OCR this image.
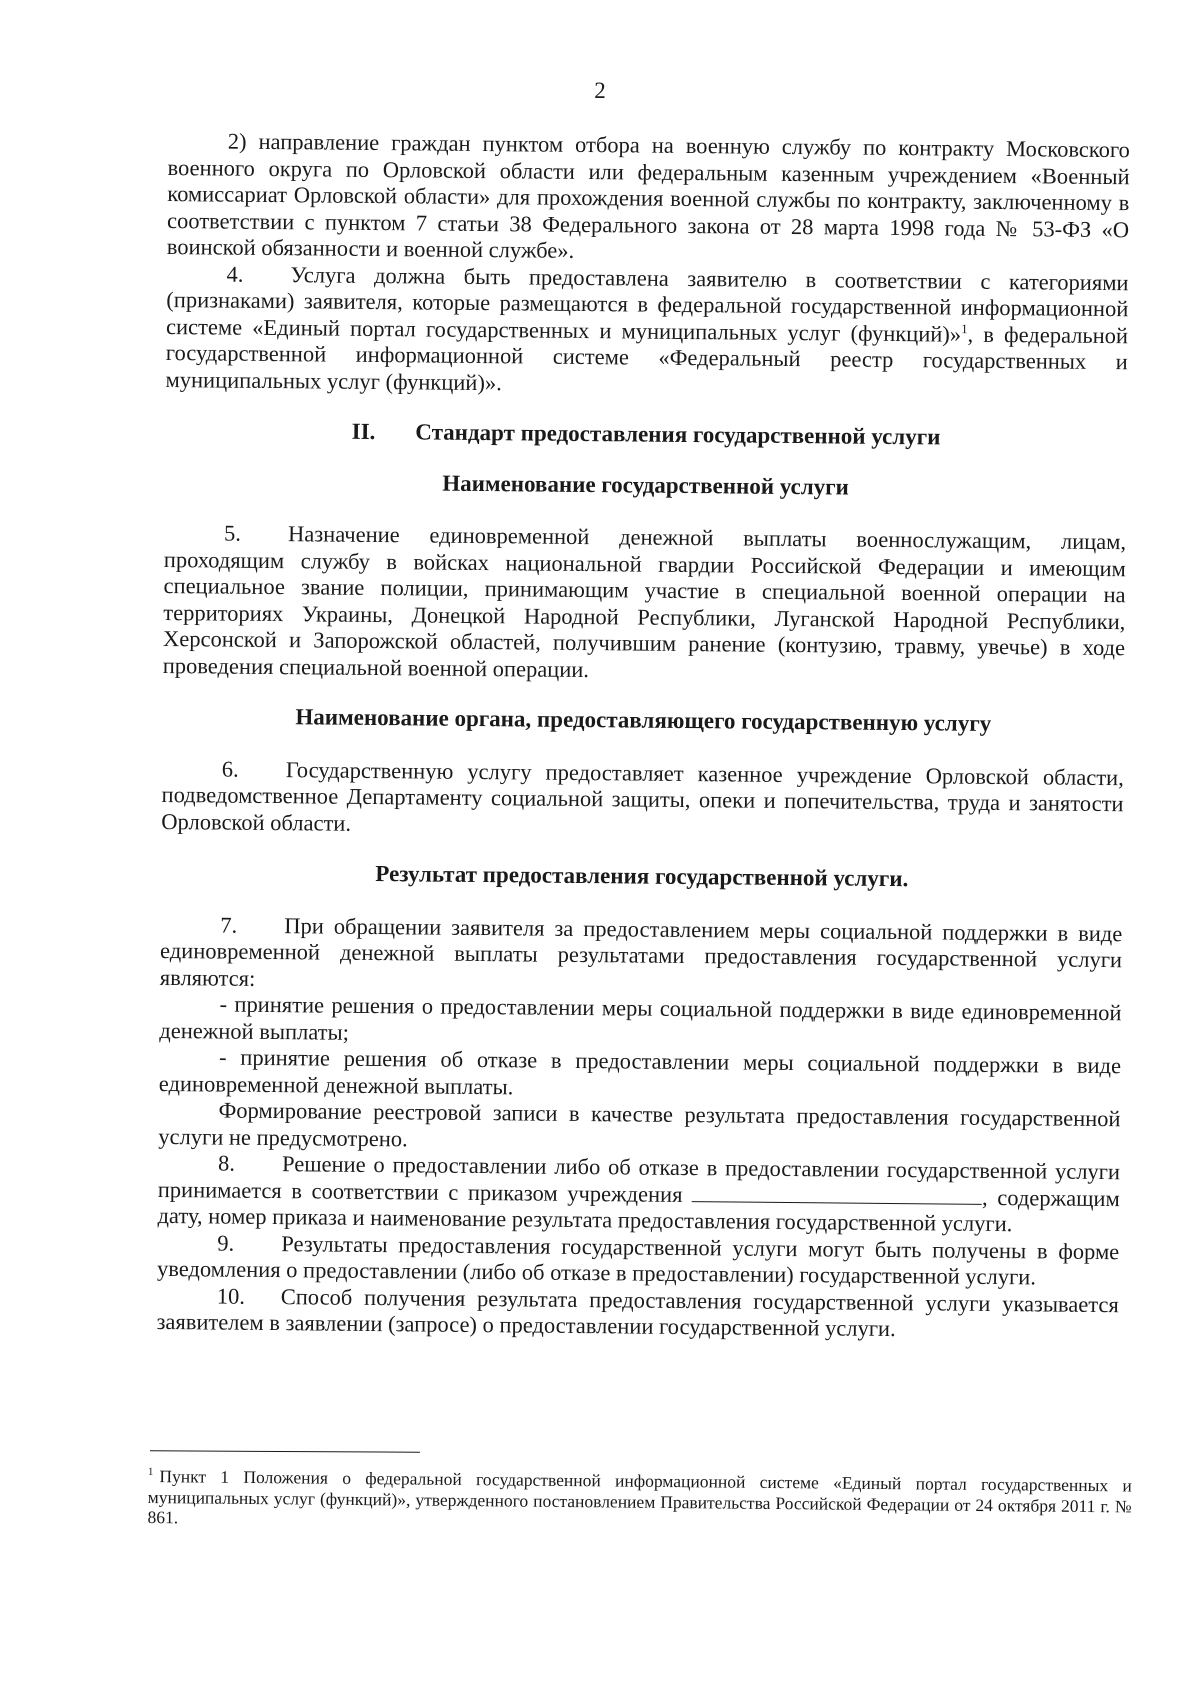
2

2) направление граждан пунктом отбора на военную службу по контракту Московского военного округа по Орловской области или федеральным казенным учреждением «Военный комиссариат Орловской области» для прохождения военной службы по контракту, заключенному в соответствии с пунктом 7 статьи 38 Федерального закона от 28 марта 1998 года № 53-ФЗ «О воинской обязанности и военной службе».

4. Услуга должна быть предоставлена заявителю в соответствии с категориями (признаками) заявителя, которые размещаются в федеральной государственной информационной системе «Единый портал государственных и муниципальных услуг (функций)»$^1$, в федеральной государственной информационной системе «Федеральный реестр государственных и муниципальных услуг (функций)».

II. Стандарт предоставления государственной услуги
Наименование государственной услуги

5. Назначение единовременной денежной выплаты военнослужащим, лицам, проходящим службу в войсках национальной гвардии Российской Федерации и имеющим специальное звание полиции, принимающим участие в специальной военной операции на территориях Украины, Донецкой Народной Республики, Луганской Народной Республики, Херсонской и Запорожской областей, получившим ранение (контузию, травму, увечье) в ходе проведения специальной военной операции.

Наименование органа, предоставляющего государственную услугу

6. Государственную услугу предоставляет казенное учреждение Орловской области, подведомственное Департаменту социальной защиты, опеки и попечительства, труда и занятости Орловской области.

Результат предоставления государственной услуги.

7. При обращении заявителя за предоставлением меры социальной поддержки в виде единовременной денежной выплаты результатами предоставления государственной услуги являются:

- принятие решения о предоставлении меры социальной поддержки в виде единовременной денежной выплаты;

- принятие решения об отказе в предоставлении меры социальной поддержки в виде единовременной денежной выплаты.

Формирование реестровой записи в качестве результата предоставления государственной услуги не предусмотрено.

8. Решение о предоставлении либо об отказе в предоставлении государственной услуги принимается в соответствии с приказом учреждения	, содержащим дату, номер приказа и наименование результата предоставления государственной услуги.

9. Результаты предоставления государственной услуги могут быть получены в форме уведомления о предоставлении (либо об отказе в предоставлении) государственной услуги.

10. Способ получения результата предоставления государственной услуги указывается заявителем в заявлении (запросе) о предоставлении государственной услуги.

$^1$ Пункт 1 Положения о федеральной государственной информационной системе «Единый портал государственных и муниципальных услуг (функций)», утвержденного постановлением Правительства Российской Федерации от 24 октября 2011 г. № 861.
